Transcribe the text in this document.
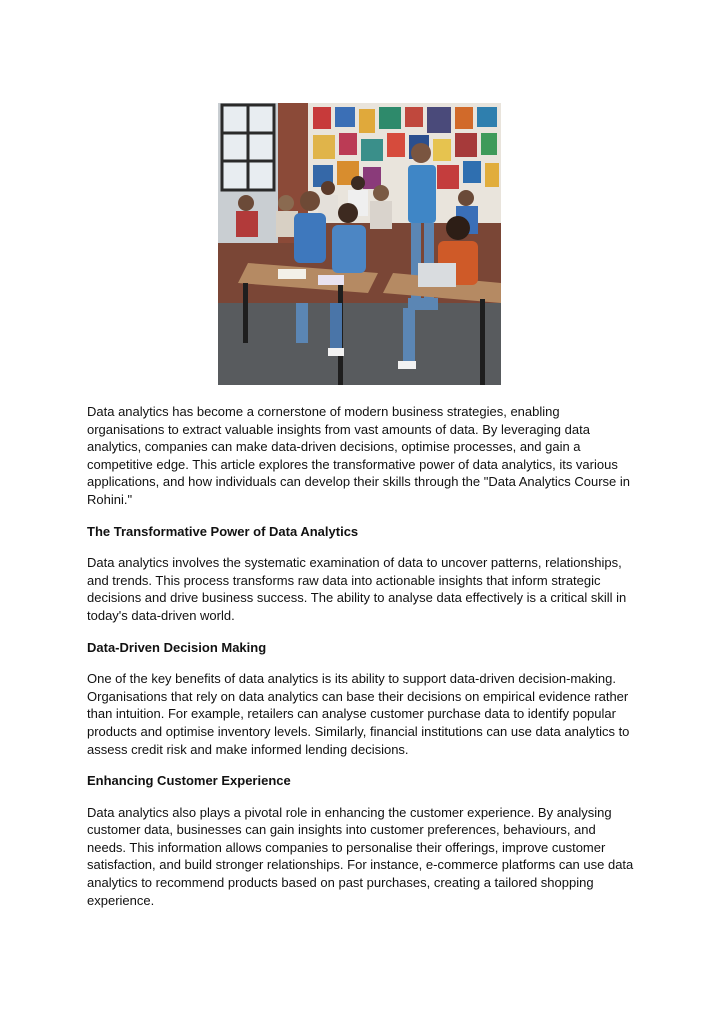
Data analytics has become a cornerstone of modern business strategies, enabling organisations to extract valuable insights from vast amounts of data. By leveraging data analytics, companies can make data-driven decisions, optimise processes, and gain a competitive edge. This article explores the transformative power of data analytics, its various applications, and how individuals can develop their skills through the "Data Analytics Course in Rohini."

The Transformative Power of Data Analytics

Data analytics involves the systematic examination of data to uncover patterns, relationships, and trends. This process transforms raw data into actionable insights that inform strategic decisions and drive business success. The ability to analyse data effectively is a critical skill in today's data-driven world.

Data-Driven Decision Making

One of the key benefits of data analytics is its ability to support data-driven decision-making. Organisations that rely on data analytics can base their decisions on empirical evidence rather than intuition. For example, retailers can analyse customer purchase data to identify popular products and optimise inventory levels. Similarly, financial institutions can use data analytics to assess credit risk and make informed lending decisions.

Enhancing Customer Experience

Data analytics also plays a pivotal role in enhancing the customer experience. By analysing customer data, businesses can gain insights into customer preferences, behaviours, and needs. This information allows companies to personalise their offerings, improve customer satisfaction, and build stronger relationships. For instance, e-commerce platforms can use data analytics to recommend products based on past purchases, creating a tailored shopping experience.
